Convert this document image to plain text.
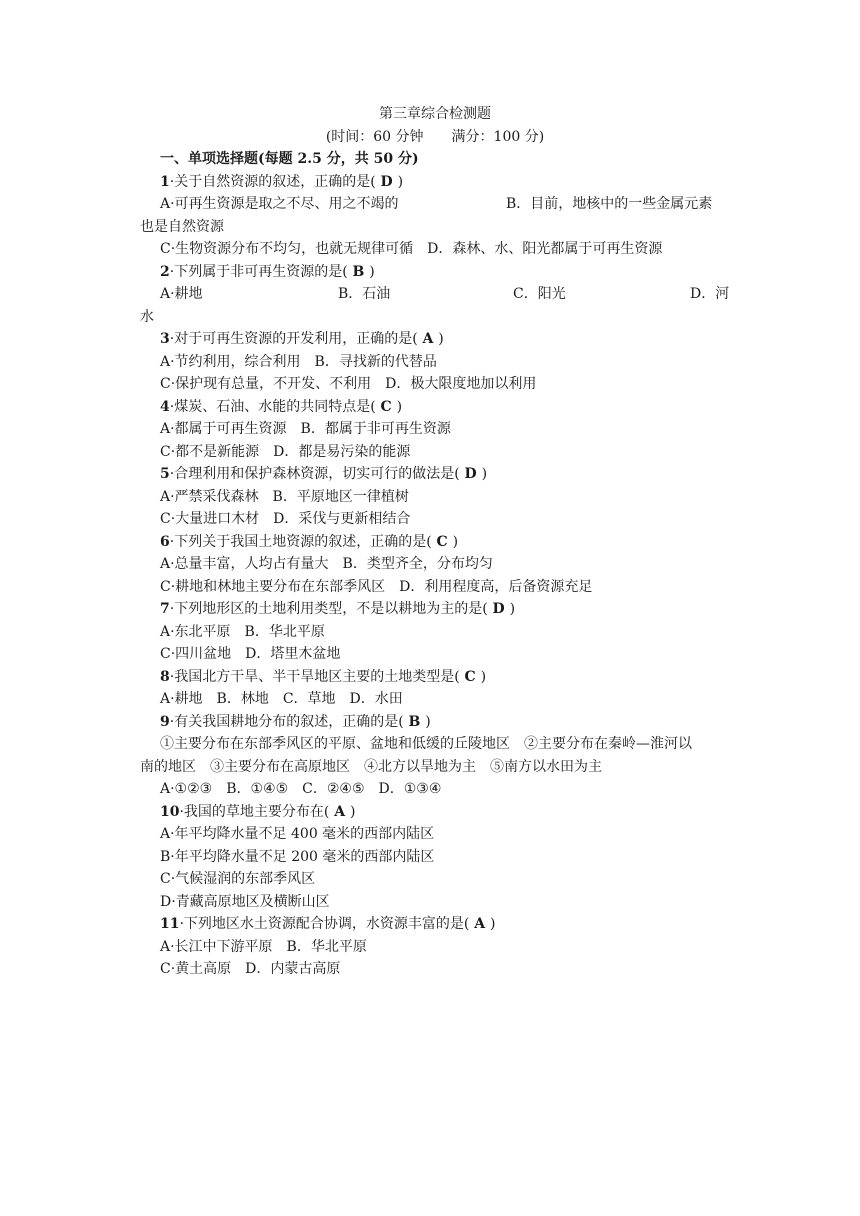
第三章综合检测题
(时间：60 分钟　　满分：100 分)
一、单项选择题(每题 2.5 分，共 50 分)
1·关于自然资源的叙述，正确的是( D )
A·可再生资源是取之不尽、用之不竭的	B．目前，地核中的一些金属元素
也是自然资源
C·生物资源分布不均匀，也就无规律可循　D．森林、水、阳光都属于可再生资源
2·下列属于非可再生资源的是( B )
A·耕地	B．石油	C．阳光	D．河
水
3·对于可再生资源的开发利用，正确的是( A )
A·节约利用，综合利用　B．寻找新的代替品
C·保护现有总量，不开发、不利用　D．极大限度地加以利用
4·煤炭、石油、水能的共同特点是( C )
A·都属于可再生资源　B．都属于非可再生资源
C·都不是新能源　D．都是易污染的能源
5·合理利用和保护森林资源，切实可行的做法是( D )
A·严禁采伐森林　B．平原地区一律植树
C·大量进口木材　D．采伐与更新相结合
6·下列关于我国土地资源的叙述，正确的是( C )
A·总量丰富，人均占有量大　B．类型齐全，分布均匀
C·耕地和林地主要分布在东部季风区　D．利用程度高，后备资源充足
7·下列地形区的土地利用类型，不是以耕地为主的是( D )
A·东北平原　B．华北平原
C·四川盆地　D．塔里木盆地
8·我国北方干旱、半干旱地区主要的土地类型是( C )
A·耕地　B．林地　C．草地　D．水田
9·有关我国耕地分布的叙述，正确的是( B )
①主要分布在东部季风区的平原、盆地和低缓的丘陵地区　②主要分布在秦岭—淮河以
南的地区　③主要分布在高原地区　④北方以旱地为主　⑤南方以水田为主
A·①②③　B．①④⑤　C．②④⑤　D．①③④
10·我国的草地主要分布在( A )
A·年平均降水量不足 400 毫米的西部内陆区
B·年平均降水量不足 200 毫米的西部内陆区
C·气候湿润的东部季风区
D·青藏高原地区及横断山区
11·下列地区水土资源配合协调，水资源丰富的是( A )
A·长江中下游平原　B．华北平原
C·黄土高原　D．内蒙古高原
